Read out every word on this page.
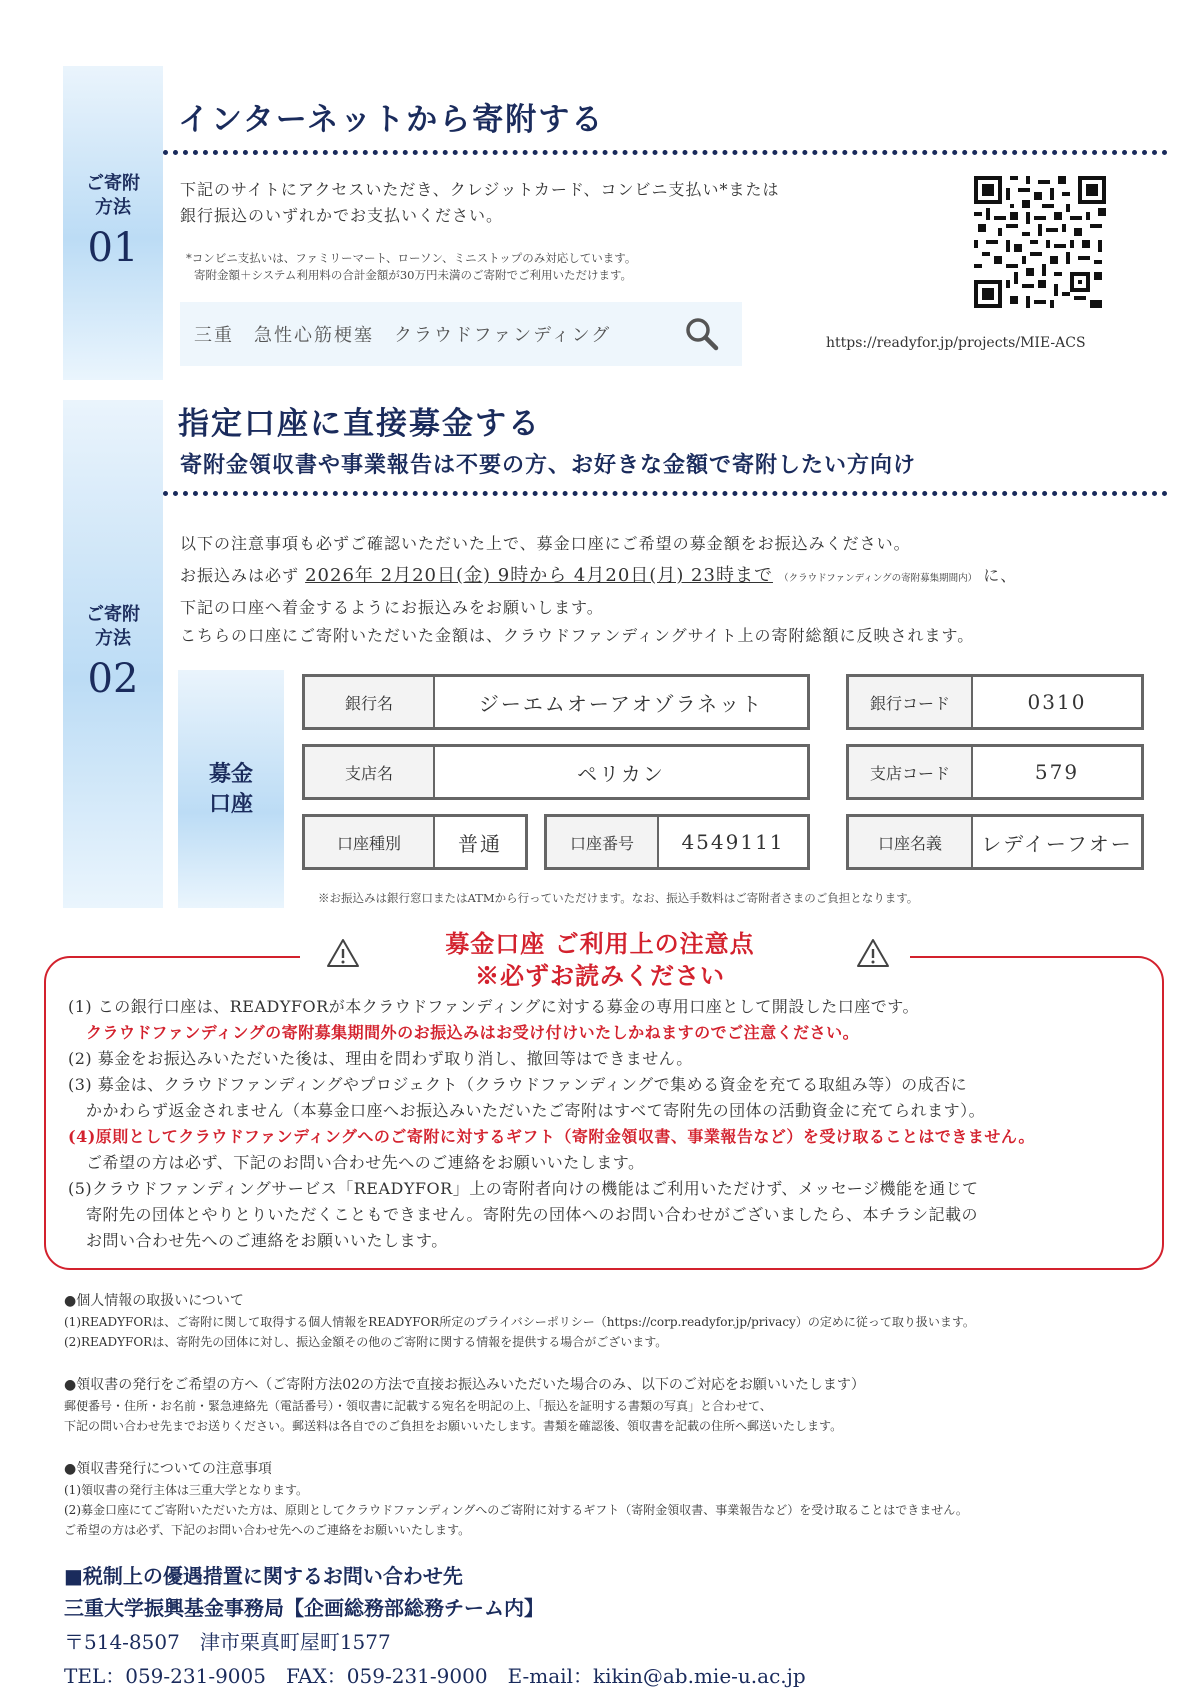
ご寄附
方法
01
インターネットから寄附する
下記のサイトにアクセスいただき、クレジットカード、コンビニ支払い*または
銀行振込のいずれかでお支払いください。
*コンビニ支払いは、ファミリーマート、ローソン、ミニストップのみ対応しています。
寄附金額＋システム利用料の合計金額が30万円未満のご寄附でご利用いただけます。
三重　急性心筋梗塞　クラウドファンディング	https://readyfor.jp/projects/MIE-ACS
ご寄附
方法
02
指定口座に直接募金する
寄附金領収書や事業報告は不要の方、お好きな金額で寄附したい方向け
以下の注意事項も必ずご確認いただいた上で、募金口座にご希望の募金額をお振込みください。
お振込みは必ず 2026年 2月20日(金) 9時から 4月20日(月) 23時まで （クラウドファンディングの寄附募集期間内） に、
下記の口座へ着金するようにお振込みをお願いします。
こちらの口座にご寄附いただいた金額は、クラウドファンディングサイト上の寄附総額に反映されます。
募金
口座
銀行名	ジーエムオーアオゾラネット	銀行コード	0310
支店名	ペリカン	支店コード	579
口座種別	普通	口座番号	4549111	口座名義	レデイーフオー
※お振込みは銀行窓口またはATMから行っていただけます。なお、振込手数料はご寄附者さまのご負担となります。
募金口座 ご利用上の注意点
※必ずお読みください
(1) この銀行口座は、READYFORが本クラウドファンディングに対する募金の専用口座として開設した口座です。
クラウドファンディングの寄附募集期間外のお振込みはお受け付けいたしかねますのでご注意ください。
(2) 募金をお振込みいただいた後は、理由を問わず取り消し、撤回等はできません。
(3) 募金は、クラウドファンディングやプロジェクト（クラウドファンディングで集める資金を充てる取組み等）の成否に
かかわらず返金されません（本募金口座へお振込みいただいたご寄附はすべて寄附先の団体の活動資金に充てられます）。
(4)原則としてクラウドファンディングへのご寄附に対するギフト（寄附金領収書、事業報告など）を受け取ることはできません。
ご希望の方は必ず、下記のお問い合わせ先へのご連絡をお願いいたします。
(5)クラウドファンディングサービス「READYFOR」上の寄附者向けの機能はご利用いただけず、メッセージ機能を通じて
寄附先の団体とやりとりいただくこともできません。寄附先の団体へのお問い合わせがございましたら、本チラシ記載の
お問い合わせ先へのご連絡をお願いいたします。
●個人情報の取扱いについて
(1)READYFORは、ご寄附に関して取得する個人情報をREADYFOR所定のプライバシーポリシー（https://corp.readyfor.jp/privacy）の定めに従って取り扱います。
(2)READYFORは、寄附先の団体に対し、振込金額その他のご寄附に関する情報を提供する場合がございます。
●領収書の発行をご希望の方へ（ご寄附方法02の方法で直接お振込みいただいた場合のみ、以下のご対応をお願いいたします）
郵便番号・住所・お名前・緊急連絡先（電話番号）・領収書に記載する宛名を明記の上、「振込を証明する書類の写真」と合わせて、
下記の問い合わせ先までお送りください。郵送料は各自でのご負担をお願いいたします。書類を確認後、領収書を記載の住所へ郵送いたします。
●領収書発行についての注意事項
(1)領収書の発行主体は三重大学となります。
(2)募金口座にてご寄附いただいた方は、原則としてクラウドファンディングへのご寄附に対するギフト（寄附金領収書、事業報告など）を受け取ることはできません。
ご希望の方は必ず、下記のお問い合わせ先へのご連絡をお願いいたします。
■税制上の優遇措置に関するお問い合わせ先
三重大学振興基金事務局【企画総務部総務チーム内】
〒514-8507　津市栗真町屋町1577
TEL：059-231-9005　FAX：059-231-9000　E-mail：kikin@ab.mie-u.ac.jp
